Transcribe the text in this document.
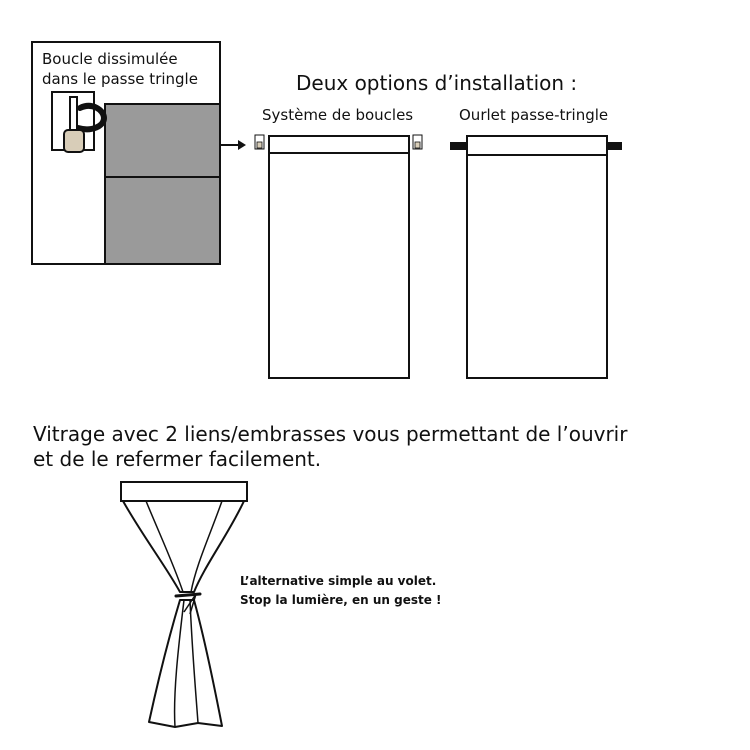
Boucle dissimulée
dans le passe tringle	Deux options d’installation :
Système de boucles	Ourlet passe-tringle
Vitrage avec 2 liens/embrasses vous permettant de l’ouvrir
et de le refermer facilement.
L’alternative simple au volet.
Stop la lumière, en un geste !
